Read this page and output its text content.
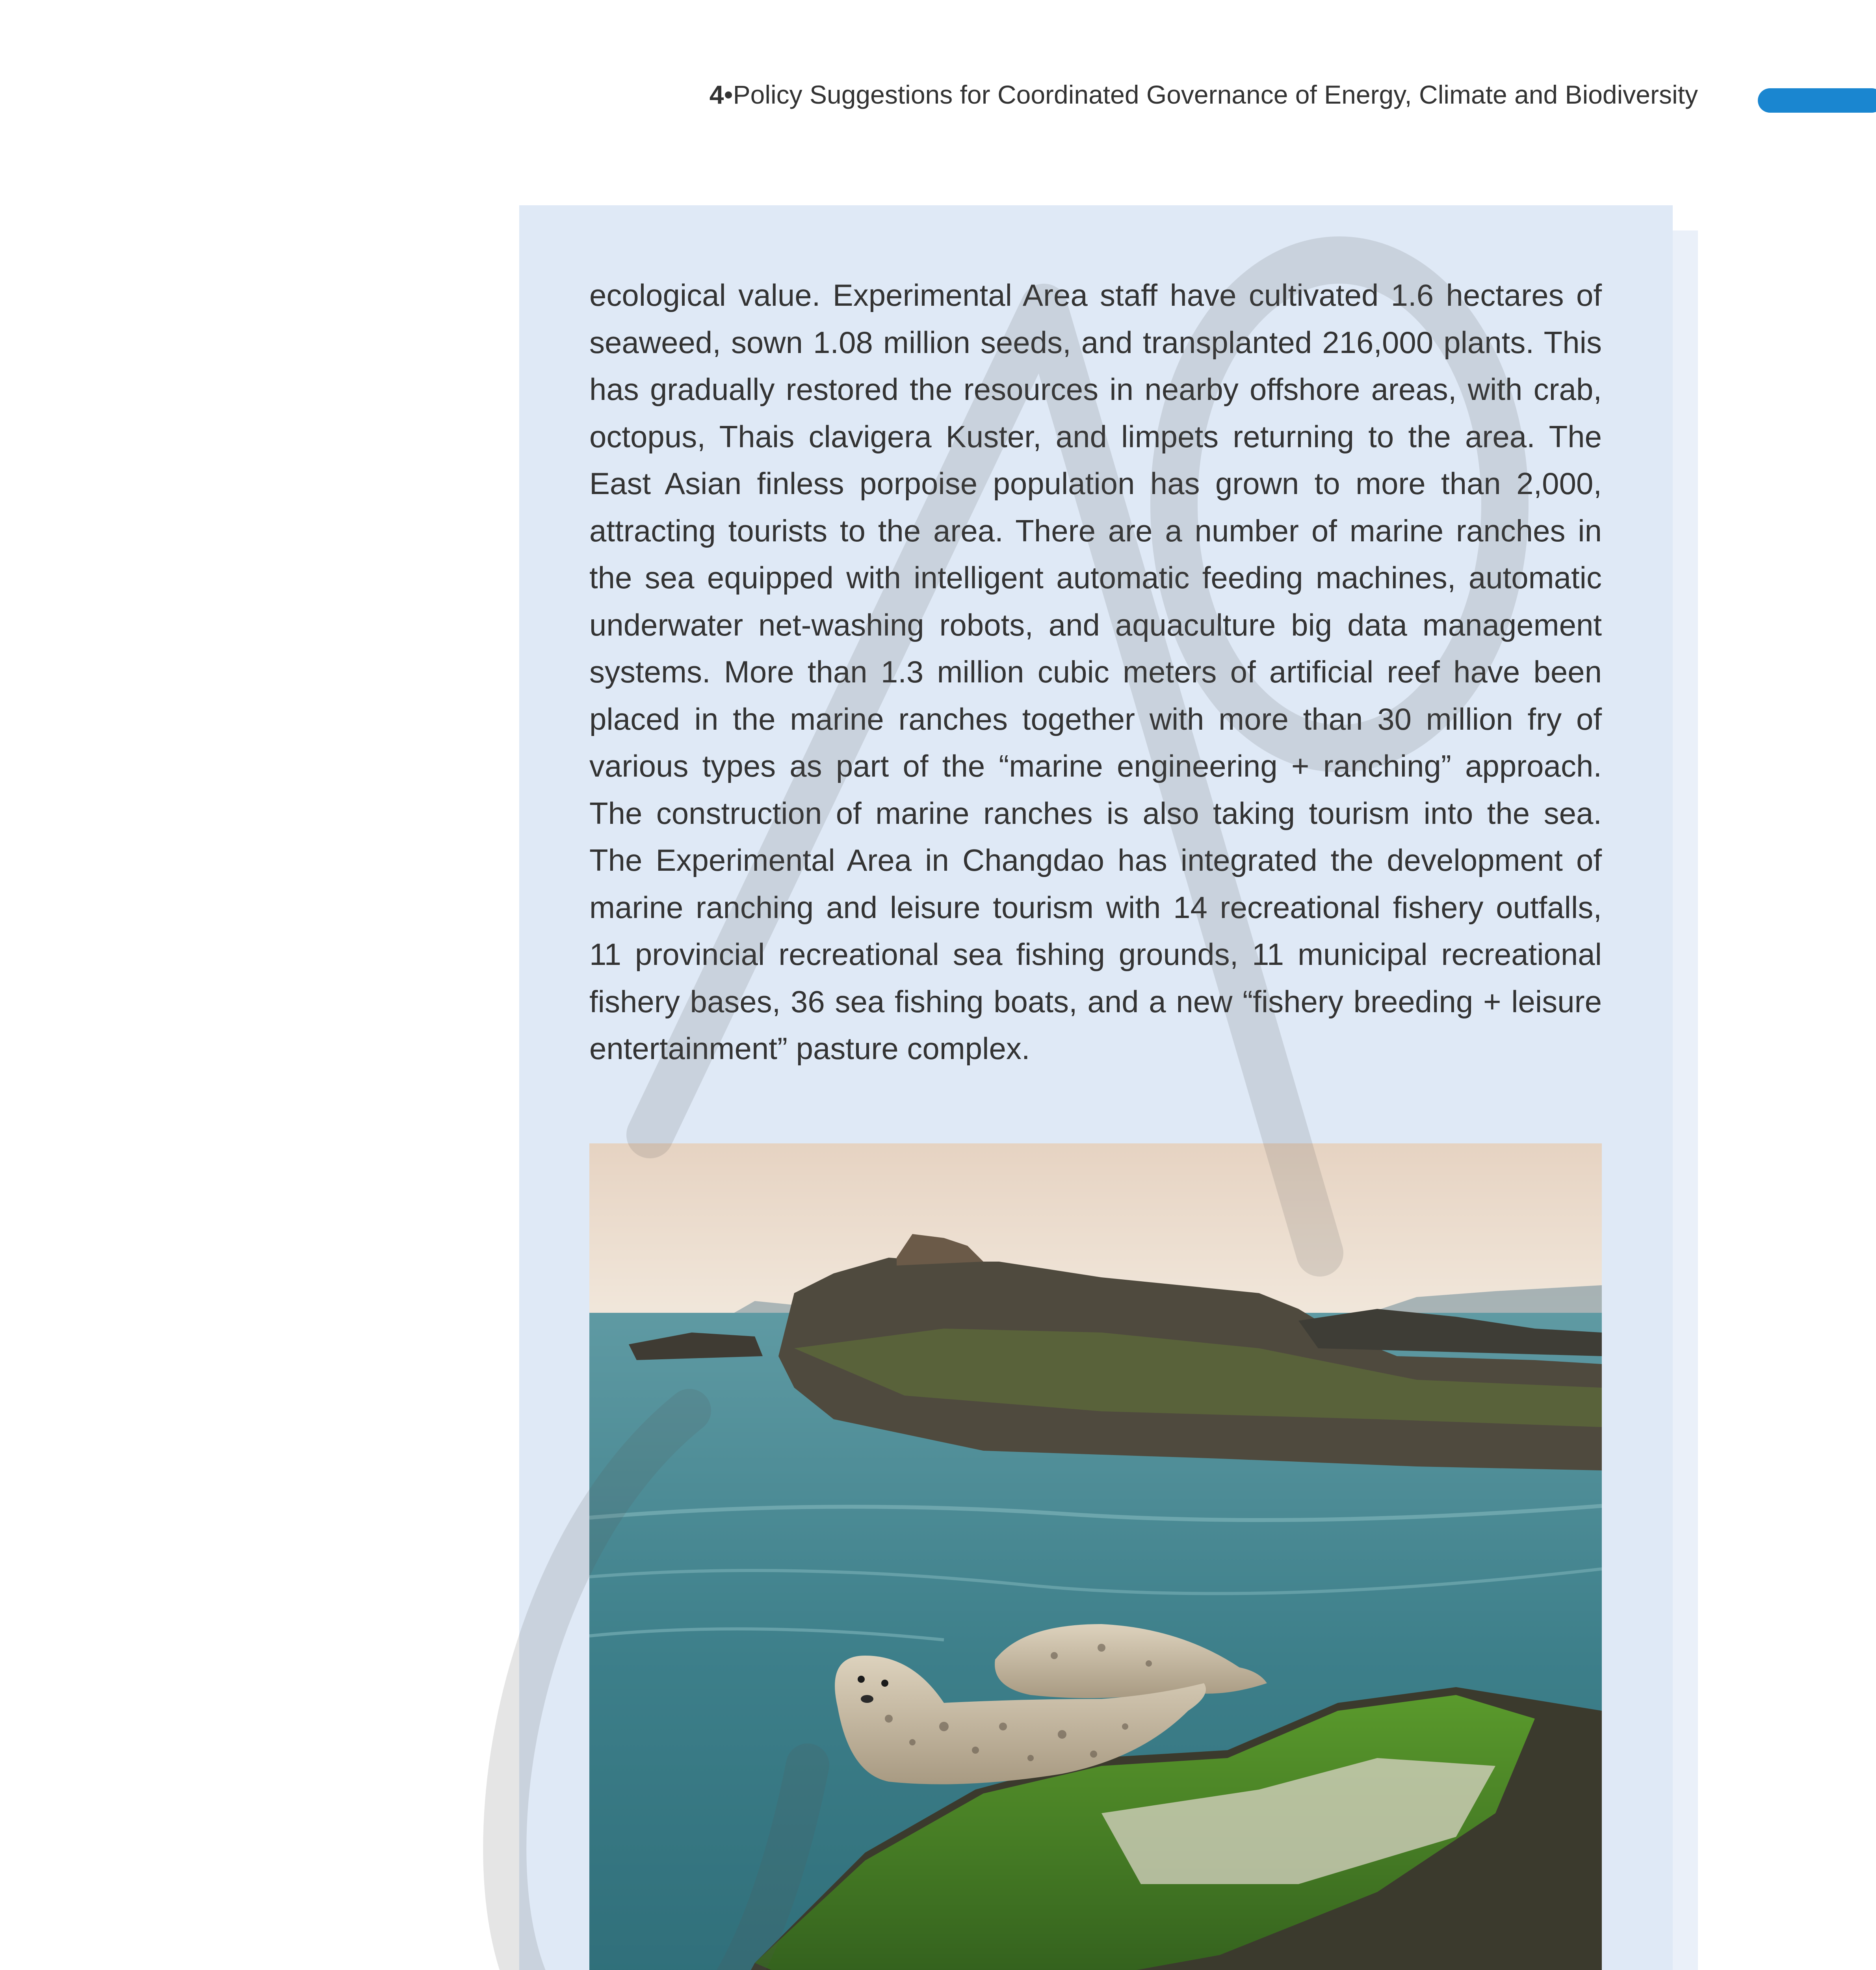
4•Policy Suggestions for Coordinated Governance of Energy, Climate and Biodiversity

ecological value. Experimental Area staff have cultivated 1.6 hectares of seaweed, sown 1.08 million seeds, and transplanted 216,000 plants. This has gradually restored the resources in nearby offshore areas, with crab, octopus, Thais clavigera Kuster, and limpets returning to the area. The East Asian finless porpoise population has grown to more than 2,000, attracting tourists to the area. There are a number of marine ranches in the sea equipped with intelligent automatic feeding machines, automatic underwater net-washing robots, and aquaculture big data management systems. More than 1.3 million cubic meters of artificial reef have been placed in the marine ranches together with more than 30 million fry of various types as part of the “marine engineering + ranching” approach. The construction of marine ranches is also taking tourism into the sea. The Experimental Area in Changdao has integrated the development of marine ranching and leisure tourism with 14 recreational fishery outfalls, 11 provincial recreational sea fishing grounds, 11 municipal recreational fishery bases, 36 sea fishing boats, and a new “fishery breeding + leisure entertainment” pasture complex.
